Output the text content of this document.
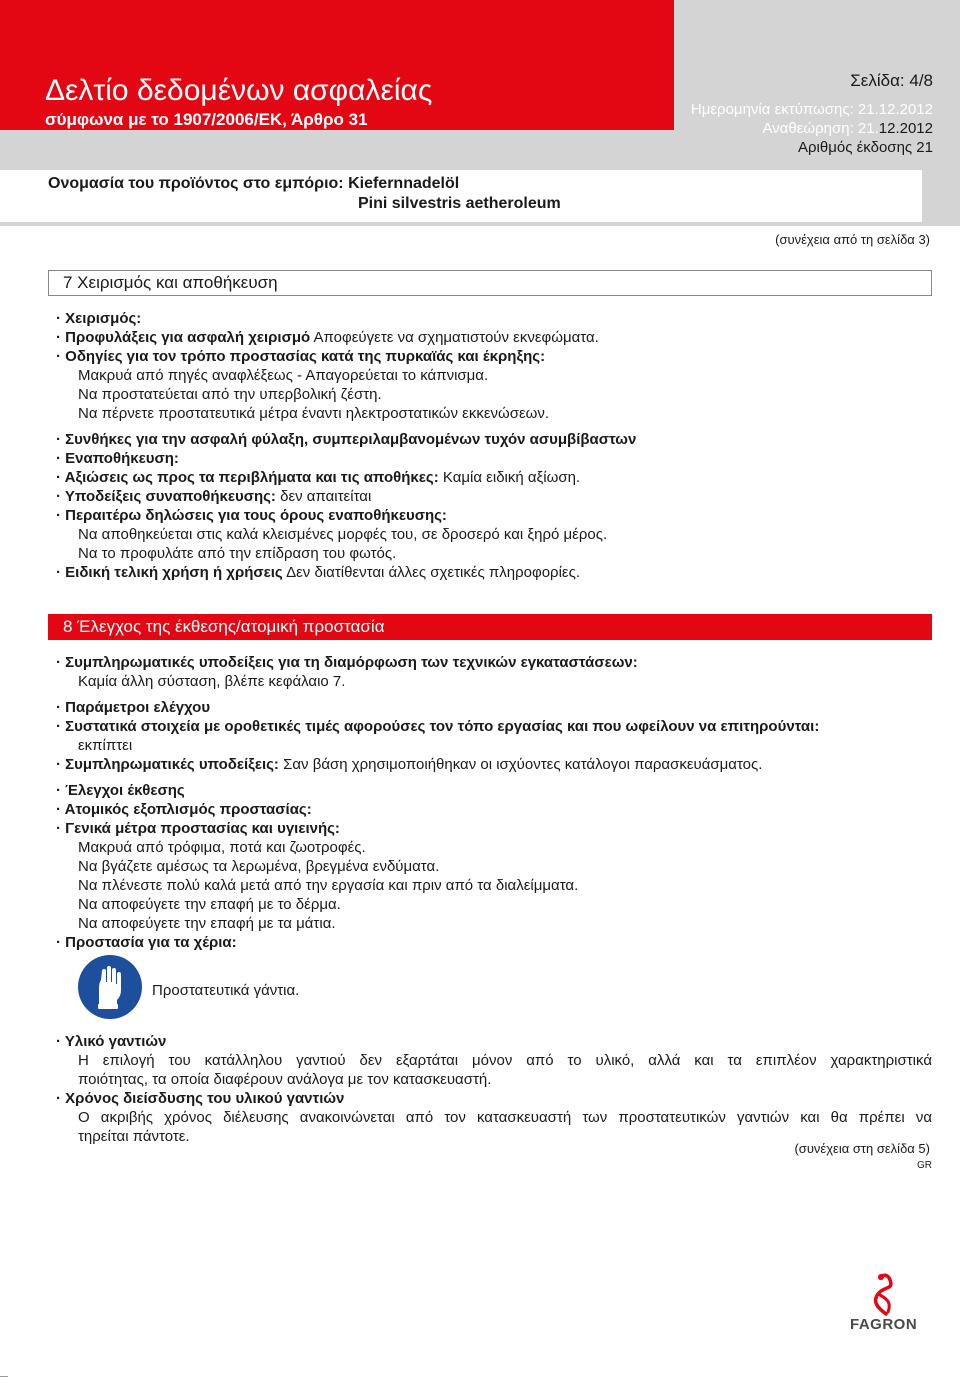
Δελτίο δεδομένων ασφαλείας
σύμφωνα με το 1907/2006/ΕΚ, Άρθρο 31
Σελίδα: 4/8
Ημερομηνία εκτύπωσης: 21.12.2012
Αναθεώρηση: 21.12.2012
Αριθμός έκδοσης 21
Ονομασία του προϊόντος στο εμπόριο: Kiefernnadelöl
Pini silvestris aetheroleum
(συνέχεια από τη σελίδα 3)
7 Χειρισμός και αποθήκευση
· Χειρισμός:
· Προφυλάξεις για ασφαλή χειρισμό Αποφεύγετε να σχηματιστούν εκνεφώματα.
· Οδηγίες για τον τρόπο προστασίας κατά της πυρκαϊάς και έκρηξης:
Μακρυά από πηγές αναφλέξεως - Απαγορεύεται το κάπνισμα.
Να προστατεύεται από την υπερβολική ζέστη.
Να πέρνετε προστατευτικά μέτρα έναντι ηλεκτροστατικών εκκενώσεων.
· Συνθήκες για την ασφαλή φύλαξη, συμπεριλαμβανομένων τυχόν ασυμβίβαστων
· Εναποθήκευση:
· Αξιώσεις ως προς τα περιβλήματα και τις αποθήκες: Καμία ειδική αξίωση.
· Υποδείξεις συναποθήκευσης: δεν απαιτείται
· Περαιτέρω δηλώσεις για τους όρους εναποθήκευσης:
Να αποθηκεύεται στις καλά κλεισμένες μορφές του, σε δροσερό και ξηρό μέρος.
Να το προφυλάτε από την επίδραση του φωτός.
· Ειδική τελική χρήση ή χρήσεις Δεν διατίθενται άλλες σχετικές πληροφορίες.
8 Έλεγχος της έκθεσης/ατομική προστασία
· Συμπληρωματικές υποδείξεις για τη διαμόρφωση των τεχνικών εγκαταστάσεων:
Καμία άλλη σύσταση, βλέπε κεφάλαιο 7.
· Παράμετροι ελέγχου
· Συστατικά στοιχεία με οροθετικές τιμές αφορούσες τον τόπο εργασίας και που ωφείλουν να επιτηρούνται:
εκπίπτει
· Συμπληρωματικές υποδείξεις: Σαν βάση χρησιμοποιήθηκαν οι ισχύοντες κατάλογοι παρασκευάσματος.
· Έλεγχοι έκθεσης
· Ατομικός εξοπλισμός προστασίας:
· Γενικά μέτρα προστασίας και υγιεινής:
Μακρυά από τρόφιμα, ποτά και ζωοτροφές.
Να βγάζετε αμέσως τα λερωμένα, βρεγμένα ενδύματα.
Να πλένεστε πολύ καλά μετά από την εργασία και πριν από τα διαλείμματα.
Να αποφεύγετε την επαφή με το δέρμα.
Να αποφεύγετε την επαφή με τα μάτια.
· Προστασία για τα χέρια:
Προστατευτικά γάντια.
· Υλικό γαντιών
Η επιλογή του κατάλληλου γαντιού δεν εξαρτάται μόνον από το υλικό, αλλά και τα επιπλέον χαρακτηριστικά
ποιότητας, τα οποία διαφέρουν ανάλογα με τον κατασκευαστή.
· Χρόνος διείσδυσης του υλικού γαντιών
Ο ακριβής χρόνος διέλευσης ανακοινώνεται από τον κατασκευαστή των προστατευτικών γαντιών και θα πρέπει να
τηρείται πάντοτε.
(συνέχεια στη σελίδα 5)
GR
FAGRON
